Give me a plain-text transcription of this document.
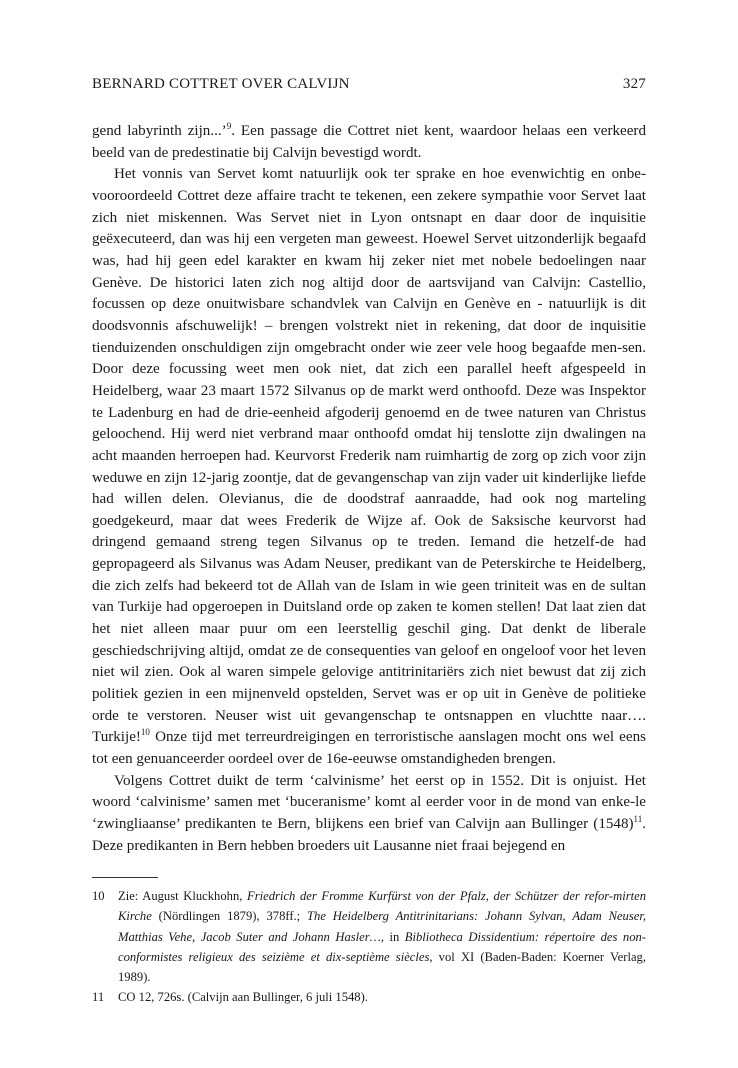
BERNARD COTTRET OVER CALVIJN	327

gend labyrinth zijn...’$^9$. Een passage die Cottret niet kent, waardoor helaas een verkeerd beeld van de predestinatie bij Calvijn bevestigd wordt.

Het vonnis van Servet komt natuurlijk ook ter sprake en hoe evenwichtig en onbe-vooroordeeld Cottret deze affaire tracht te tekenen, een zekere sympathie voor Servet laat zich niet miskennen. Was Servet niet in Lyon ontsnapt en daar door de inquisitie geëxecuteerd, dan was hij een vergeten man geweest. Hoewel Servet uitzonderlijk begaafd was, had hij geen edel karakter en kwam hij zeker niet met nobele bedoelingen naar Genève. De historici laten zich nog altijd door de aartsvijand van Calvijn: Castellio, focussen op deze onuitwisbare schandvlek van Calvijn en Genève en - natuurlijk is dit doodsvonnis afschuwelijk! – brengen volstrekt niet in rekening, dat door de inquisitie tienduizenden onschuldigen zijn omgebracht onder wie zeer vele hoog begaafde men-sen. Door deze focussing weet men ook niet, dat zich een parallel heeft afgespeeld in Heidelberg, waar 23 maart 1572 Silvanus op de markt werd onthoofd. Deze was Inspektor te Ladenburg en had de drie-eenheid afgoderij genoemd en de twee naturen van Christus geloochend. Hij werd niet verbrand maar onthoofd omdat hij tenslotte zijn dwalingen na acht maanden herroepen had. Keurvorst Frederik nam ruimhartig de zorg op zich voor zijn weduwe en zijn 12-jarig zoontje, dat de gevangenschap van zijn vader uit kinderlijke liefde had willen delen. Olevianus, die de doodstraf aanraadde, had ook nog marteling goedgekeurd, maar dat wees Frederik de Wijze af. Ook de Saksische keurvorst had dringend gemaand streng tegen Silvanus op te treden. Iemand die hetzelf-de had gepropageerd als Silvanus was Adam Neuser, predikant van de Peterskirche te Heidelberg, die zich zelfs had bekeerd tot de Allah van de Islam in wie geen triniteit was en de sultan van Turkije had opgeroepen in Duitsland orde op zaken te komen stellen! Dat laat zien dat het niet alleen maar puur om een leerstellig geschil ging. Dat denkt de liberale geschiedschrijving altijd, omdat ze de consequenties van geloof en ongeloof voor het leven niet wil zien. Ook al waren simpele gelovige antitrinitariërs zich niet bewust dat zij zich politiek gezien in een mijnenveld opstelden, Servet was er op uit in Genève de politieke orde te verstoren. Neuser wist uit gevangenschap te ontsnappen en vluchtte naar…. Turkije!$^{10}$ Onze tijd met terreurdreigingen en terroristische aanslagen mocht ons wel eens tot een genuanceerder oordeel over de 16e-eeuwse omstandigheden brengen.

Volgens Cottret duikt de term ‘calvinisme’ het eerst op in 1552. Dit is onjuist. Het woord ‘calvinisme’ samen met ‘buceranisme’ komt al eerder voor in de mond van enke-le ‘zwingliaanse’ predikanten te Bern, blijkens een brief van Calvijn aan Bullinger $(1548)^{11}$. Deze predikanten in Bern hebben broeders uit Lausanne niet fraai bejegend en

10	Zie: August Kluckhohn, Friedrich der Fromme Kurfürst von der Pfalz, der Schützer der refor-mirten Kirche (Nördlingen 1879), 378ff.; The Heidelberg Antitrinitarians: Johann Sylvan, Adam Neuser, Matthias Vehe, Jacob Suter and Johann Hasler…, in Bibliotheca Dissidentium: répertoire des non-conformistes religieux des seizième et dix-septième siècles, vol XI (Baden-Baden: Koerner Verlag, 1989).
11	CO 12, 726s. (Calvijn aan Bullinger, 6 juli 1548).
